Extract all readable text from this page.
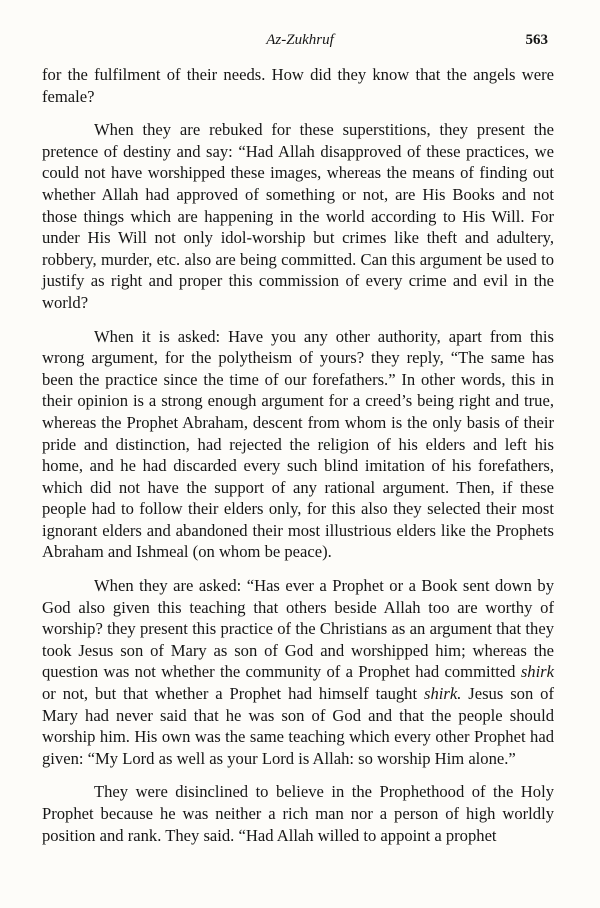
Az-Zukhruf	563

for the fulfilment of their needs. How did they know that the angels were female?

When they are rebuked for these superstitions, they present the pretence of destiny and say: “Had Allah disapproved of these practices, we could not have worshipped these images, whereas the means of finding out whether Allah had approved of something or not, are His Books and not those things which are happening in the world according to His Will. For under His Will not only idol-worship but crimes like theft and adultery, robbery, murder, etc. also are being committed. Can this argument be used to justify as right and proper this commission of every crime and evil in the world?

When it is asked: Have you any other authority, apart from this wrong argument, for the polytheism of yours? they reply, “The same has been the practice since the time of our forefathers.” In other words, this in their opinion is a strong enough argument for a creed’s being right and true, whereas the Prophet Abraham, descent from whom is the only basis of their pride and distinction, had rejected the religion of his elders and left his home, and he had discarded every such blind imitation of his forefathers, which did not have the support of any rational argument. Then, if these people had to follow their elders only, for this also they selected their most ignorant elders and abandoned their most illustrious elders like the Prophets Abraham and Ishmeal (on whom be peace).

When they are asked: “Has ever a Prophet or a Book sent down by God also given this teaching that others beside Allah too are worthy of worship? they present this practice of the Christians as an argument that they took Jesus son of Mary as son of God and worshipped him; whereas the question was not whether the community of a Prophet had committed shirk or not, but that whether a Prophet had himself taught shirk. Jesus son of Mary had never said that he was son of God and that the people should worship him. His own was the same teaching which every other Prophet had given: “My Lord as well as your Lord is Allah: so worship Him alone.”

They were disinclined to believe in the Prophethood of the Holy Prophet because he was neither a rich man nor a person of high worldly position and rank. They said. “Had Allah willed to appoint a prophet
